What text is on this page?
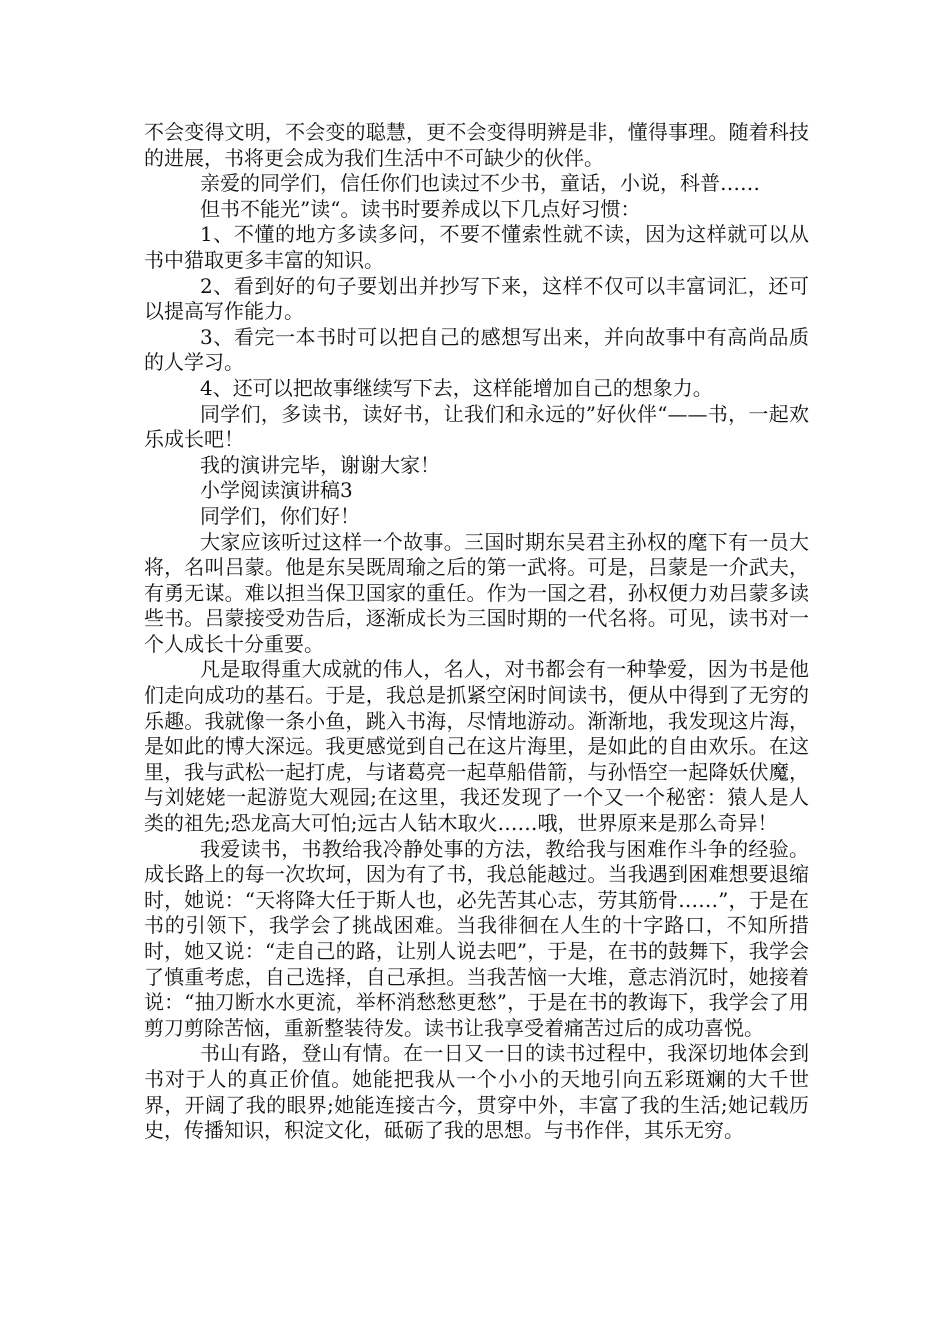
不会变得文明，不会变的聪慧，更不会变得明辨是非，懂得事理。随着科技的进展，书将更会成为我们生活中不可缺少的伙伴。

亲爱的同学们，信任你们也读过不少书，童话，小说，科普……

但书不能光”读“。读书时要养成以下几点好习惯：

1、不懂的地方多读多问，不要不懂索性就不读，因为这样就可以从书中猎取更多丰富的知识。

2、看到好的句子要划出并抄写下来，这样不仅可以丰富词汇，还可以提高写作能力。

3、看完一本书时可以把自己的感想写出来，并向故事中有高尚品质的人学习。

4、还可以把故事继续写下去，这样能增加自己的想象力。

同学们，多读书，读好书，让我们和永远的”好伙伴“——书，一起欢乐成长吧！

我的演讲完毕，谢谢大家！

小学阅读演讲稿3

同学们，你们好！

大家应该听过这样一个故事。三国时期东吴君主孙权的麾下有一员大将，名叫吕蒙。他是东吴既周瑜之后的第一武将。可是，吕蒙是一介武夫，有勇无谋。难以担当保卫国家的重任。作为一国之君，孙权便力劝吕蒙多读些书。吕蒙接受劝告后，逐渐成长为三国时期的一代名将。可见，读书对一个人成长十分重要。

凡是取得重大成就的伟人，名人，对书都会有一种挚爱，因为书是他们走向成功的基石。于是，我总是抓紧空闲时间读书，便从中得到了无穷的乐趣。我就像一条小鱼，跳入书海，尽情地游动。渐渐地，我发现这片海，是如此的博大深远。我更感觉到自己在这片海里，是如此的自由欢乐。在这里，我与武松一起打虎，与诸葛亮一起草船借箭，与孙悟空一起降妖伏魔，与刘姥姥一起游览大观园;在这里，我还发现了一个又一个秘密：猿人是人类的祖先;恐龙高大可怕;远古人钻木取火……哦，世界原来是那么奇异！

我爱读书，书教给我冷静处事的方法，教给我与困难作斗争的经验。成长路上的每一次坎坷，因为有了书，我总能越过。当我遇到困难想要退缩时，她说：“天将降大任于斯人也，必先苦其心志，劳其筋骨……”，于是在书的引领下，我学会了挑战困难。当我徘徊在人生的十字路口，不知所措时，她又说：“走自己的路，让别人说去吧”，于是，在书的鼓舞下，我学会了慎重考虑，自己选择，自己承担。当我苦恼一大堆，意志消沉时，她接着说：“抽刀断水水更流，举杯消愁愁更愁”，于是在书的教诲下，我学会了用剪刀剪除苦恼，重新整装待发。读书让我享受着痛苦过后的成功喜悦。

书山有路，登山有情。在一日又一日的读书过程中，我深切地体会到书对于人的真正价值。她能把我从一个小小的天地引向五彩斑斓的大千世界，开阔了我的眼界;她能连接古今，贯穿中外，丰富了我的生活;她记载历史，传播知识，积淀文化，砥砺了我的思想。与书作伴，其乐无穷。
